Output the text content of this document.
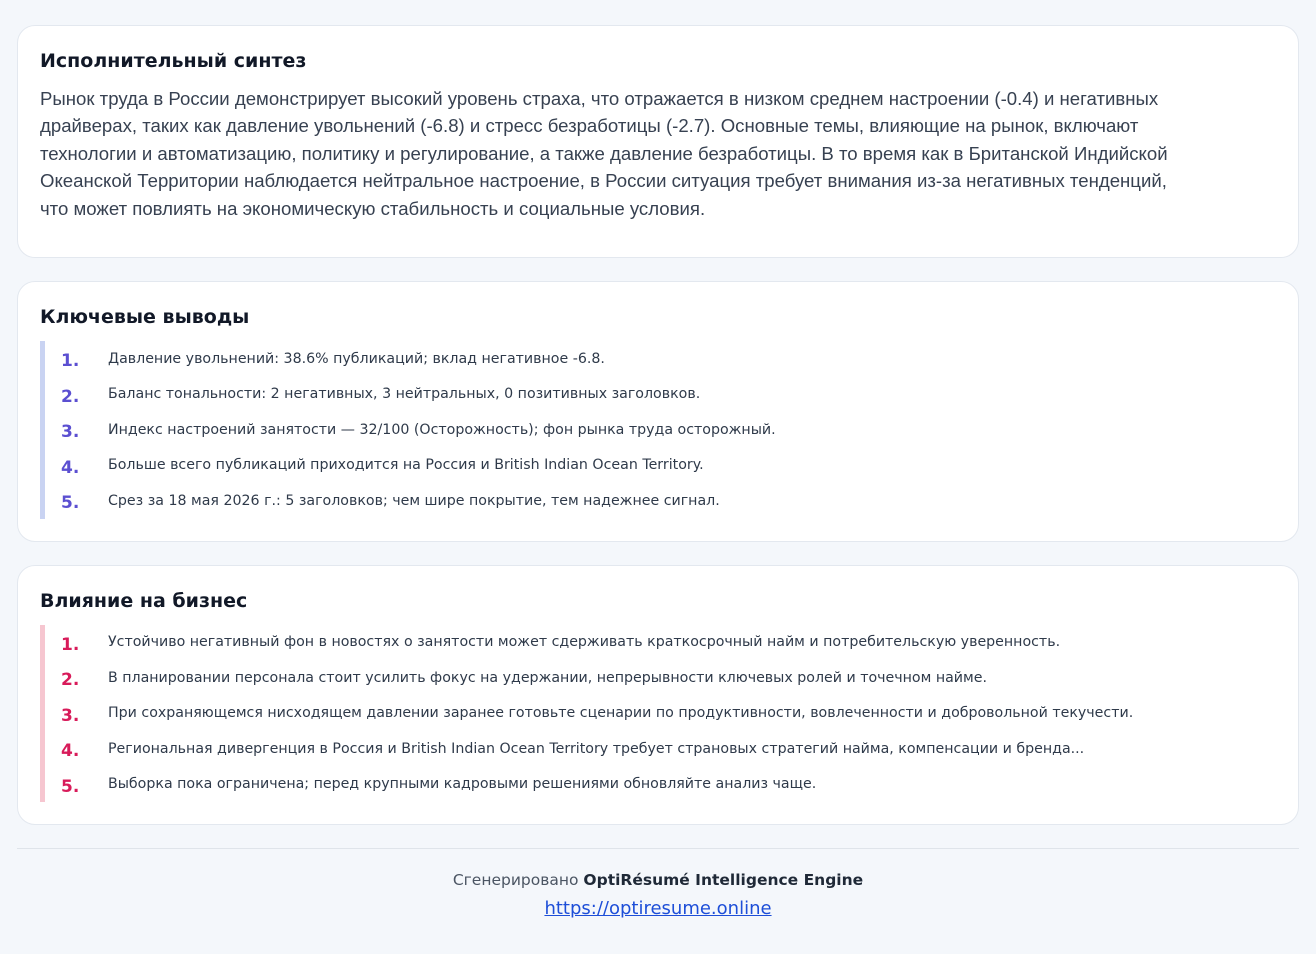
Исполнительный синтез
Рынок труда в России демонстрирует высокий уровень страха, что отражается в низком среднем настроении (-0.4) и негативных
драйверах, таких как давление увольнений (-6.8) и стресс безработицы (-2.7). Основные темы, влияющие на рынок, включают
технологии и автоматизацию, политику и регулирование, а также давление безработицы. В то время как в Британской Индийской
Океанской Территории наблюдается нейтральное настроение, в России ситуация требует внимания из-за негативных тенденций,
что может повлиять на экономическую стабильность и социальные условия.
Ключевые выводы
1.	Давление увольнений: 38.6% публикаций; вклад негативное -6.8.
2.	Баланс тональности: 2 негативных, 3 нейтральных, 0 позитивных заголовков.
3.	Индекс настроений занятости — 32/100 (Осторожность); фон рынка труда осторожный.
4.	Больше всего публикаций приходится на Россия и British Indian Ocean Territory.
5.	Срез за 18 мая 2026 г.: 5 заголовков; чем шире покрытие, тем надежнее сигнал.
Влияние на бизнес
1.	Устойчиво негативный фон в новостях о занятости может сдерживать краткосрочный найм и потребительскую уверенность.
2.	В планировании персонала стоит усилить фокус на удержании, непрерывности ключевых ролей и точечном найме.
3.	При сохраняющемся нисходящем давлении заранее готовьте сценарии по продуктивности, вовлеченности и добровольной текучести.
4.	Региональная дивергенция в Россия и British Indian Ocean Territory требует страновых стратегий найма, компенсации и бренда...
5.	Выборка пока ограничена; перед крупными кадровыми решениями обновляйте анализ чаще.
Сгенерировано OptiRésumé Intelligence Engine
https://optiresume.online
